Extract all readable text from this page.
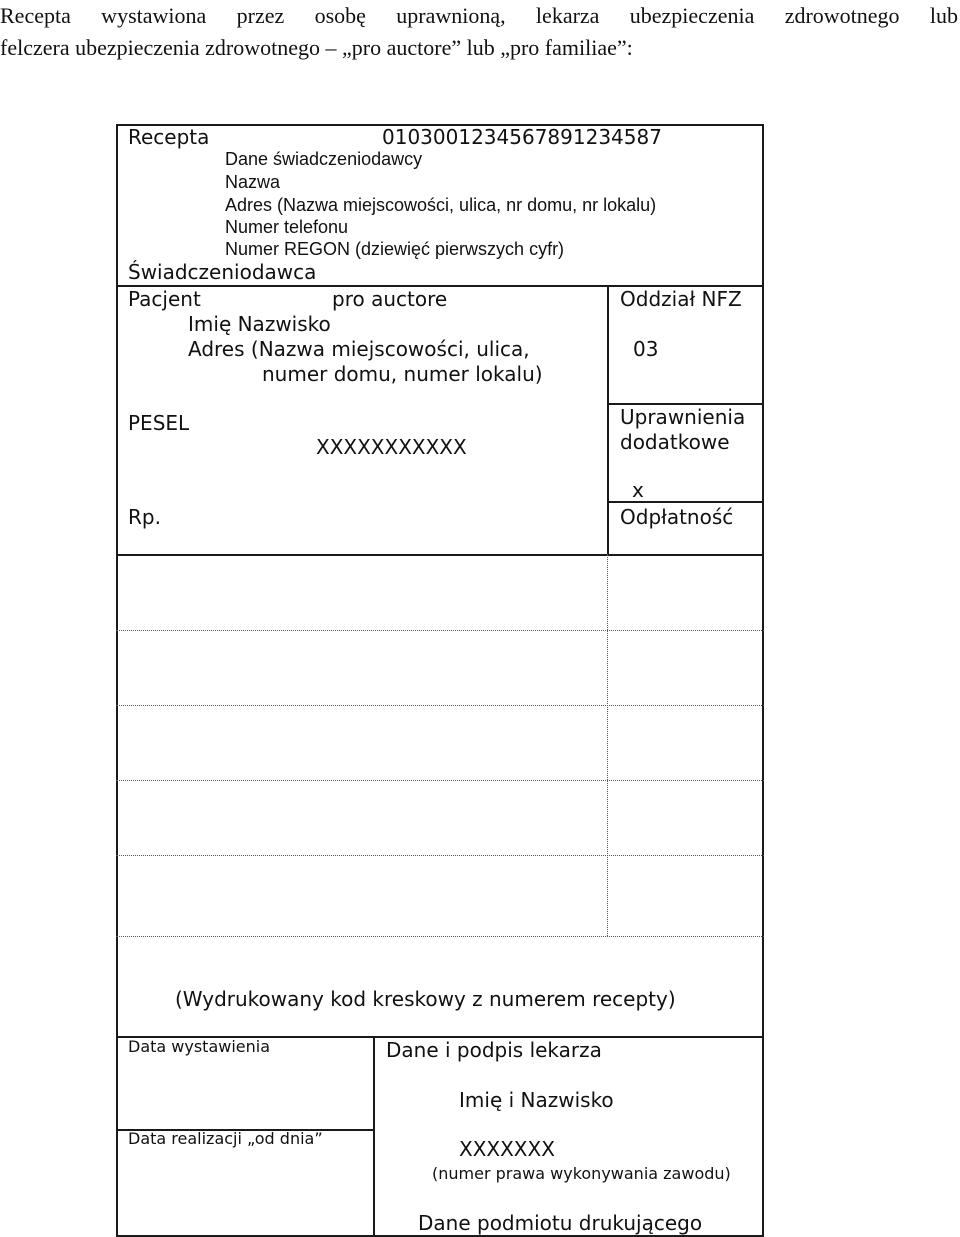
Recepta wystawiona przez osobę uprawnioną, lekarza ubezpieczenia zdrowotnego lub
felczera ubezpieczenia zdrowotnego – „pro auctore” lub „pro familiae”:
Recepta	0103001234567891234587
Dane świadczeniodawcy
Nazwa
Adres (Nazwa miejscowości, ulica, nr domu, nr lokalu)
Numer telefonu
Numer REGON (dziewięć pierwszych cyfr)
Świadczeniodawca
Pacjent	pro auctore
Imię Nazwisko
Adres (Nazwa miejscowości, ulica,
numer domu, numer lokalu)
PESEL
XXXXXXXXXXX
Oddział NFZ
03
Uprawnienia
dodatkowe
x
Rp.	Odpłatność
(Wydrukowany kod kreskowy z numerem recepty)
Data wystawienia
Data realizacji „od dnia”
Dane i podpis lekarza
Imię i Nazwisko
XXXXXXX
(numer prawa wykonywania zawodu)
Dane podmiotu drukującego
